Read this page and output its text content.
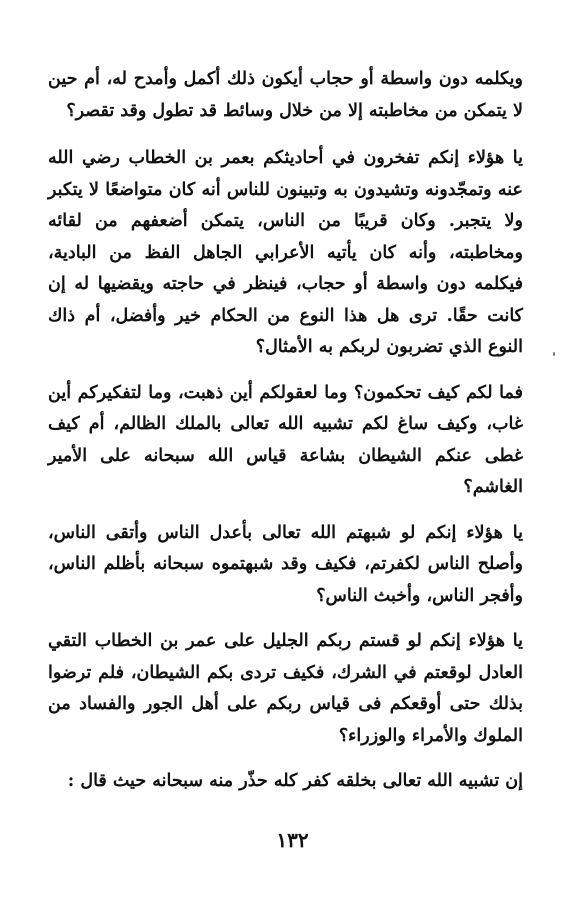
ويكلمه دون واسطة أو حجاب أيكون ذلك أكمل وأمدح له، أم حين لا يتمكن من مخاطبته إلا من خلال وسائط قد تطول وقد تقصر؟

يا هؤلاء إنكم تفخرون في أحاديثكم بعمر بن الخطاب رضي الله عنه وتمجّدونه وتشيدون به وتبينون للناس أنه كان متواضعًا لا يتكبر ولا يتجبر. وكان قريبًا من الناس، يتمكن أضعفهم من لقائه ومخاطبته، وأنه كان يأتيه الأعرابي الجاهل الفظ من البادية، فيكلمه دون واسطة أو حجاب، فينظر في حاجته ويقضيها له إن كانت حقًا. ترى هل هذا النوع من الحكام خير وأفضل، أم ذاك النوع الذي تضربون لربكم به الأمثال؟

فما لكم كيف تحكمون؟ وما لعقولكم أين ذهبت، وما لتفكيركم أين غاب، وكيف ساغ لكم تشبيه الله تعالى بالملك الظالم، أم كيف غطى عنكم الشيطان بشاعة قياس الله سبحانه على الأمير الغاشم؟

يا هؤلاء إنكم لو شبهتم الله تعالى بأعدل الناس وأتقى الناس، وأصلح الناس لكفرتم، فكيف وقد شبهتموه سبحانه بأظلم الناس، وأفجر الناس، وأخبث الناس؟

يا هؤلاء إنكم لو قستم ربكم الجليل على عمر بن الخطاب التقي العادل لوقعتم في الشرك، فكيف تردى بكم الشيطان، فلم ترضوا بذلك حتى أوقعكم فى قياس ربكم على أهل الجور والفساد من الملوك والأمراء والوزراء؟

إن تشبيه الله تعالى بخلقه كفر كله حذّر منه سبحانه حيث قال :

١٣٢
